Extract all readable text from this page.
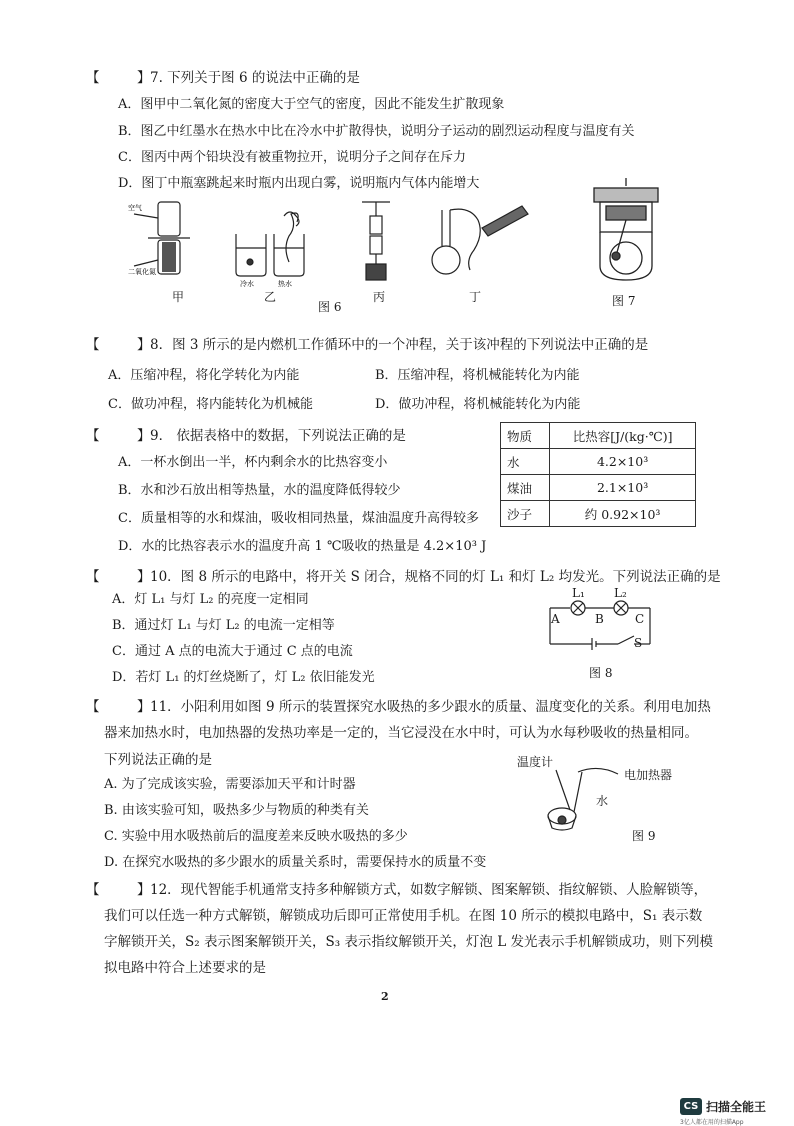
【	】 7. 下列关于图 6 的说法中正确的是
A．图甲中二氧化氮的密度大于空气的密度，因此不能发生扩散现象
B．图乙中红墨水在热水中比在冷水中扩散得快，说明分子运动的剧烈运动程度与温度有关
C．图丙中两个铅块没有被重物拉开，说明分子之间存在斥力
D．图丁中瓶塞跳起来时瓶内出现白雾，说明瓶内气体内能增大
空气
二氧化氮
冷水	热水
甲	乙	丙	丁
图 6	图 7
【	】 8．图 3 所示的是内燃机工作循环中的一个冲程，关于该冲程的下列说法中正确的是
A．压缩冲程，将化学转化为内能	B．压缩冲程，将机械能转化为内能
C．做功冲程，将内能转化为机械能	D．做功冲程，将机械能转化为内能
【	】 9． 依据表格中的数据，下列说法正确的是
A．一杯水倒出一半，杯内剩余水的比热容变小
B．水和沙石放出相等热量，水的温度降低得较少
C．质量相等的水和煤油，吸收相同热量，煤油温度升高得较多
D．水的比热容表示水的温度升高 1 ℃吸收的热量是 4.2×10³ J
物质	比热容[J/(kg·℃)]
水	4.2×10³
煤油	2.1×10³
沙子	约 0.92×10³
【	】 10．图 8 所示的电路中，将开关 S 闭合，规格不同的灯 L₁ 和灯 L₂ 均发光。下列说法正确的是
A．灯 L₁ 与灯 L₂ 的亮度一定相同
B．通过灯 L₁ 与灯 L₂ 的电流一定相等
C．通过 A 点的电流大于通过 C 点的电流
D．若灯 L₁ 的灯丝烧断了，灯 L₂ 依旧能发光
L₁ L₂
A	B	C
S
图 8
【	】 11．小阳利用如图 9 所示的装置探究水吸热的多少跟水的质量、温度变化的关系。利用电加热
器来加热水时，电加热器的发热功率是一定的，当它浸没在水中时，可认为水每秒吸收的热量相同。
下列说法正确的是
A. 为了完成该实验，需要添加天平和计时器
B. 由该实验可知，吸热多少与物质的种类有关
C. 实验中用水吸热前后的温度差来反映水吸热的多少
D. 在探究水吸热的多少跟水的质量关系时，需要保持水的质量不变
温度计
电加热器
水
图 9
【	】 12．现代智能手机通常支持多种解锁方式，如数字解锁、图案解锁、指纹解锁、人脸解锁等，
我们可以任选一种方式解锁，解锁成功后即可正常使用手机。在图 10 所示的模拟电路中，S₁ 表示数
字解锁开关，S₂ 表示图案解锁开关，S₃ 表示指纹解锁开关，灯泡 L 发光表示手机解锁成功，则下列模
拟电路中符合上述要求的是
2
CS 扫描全能王
3亿人都在用的扫描App
